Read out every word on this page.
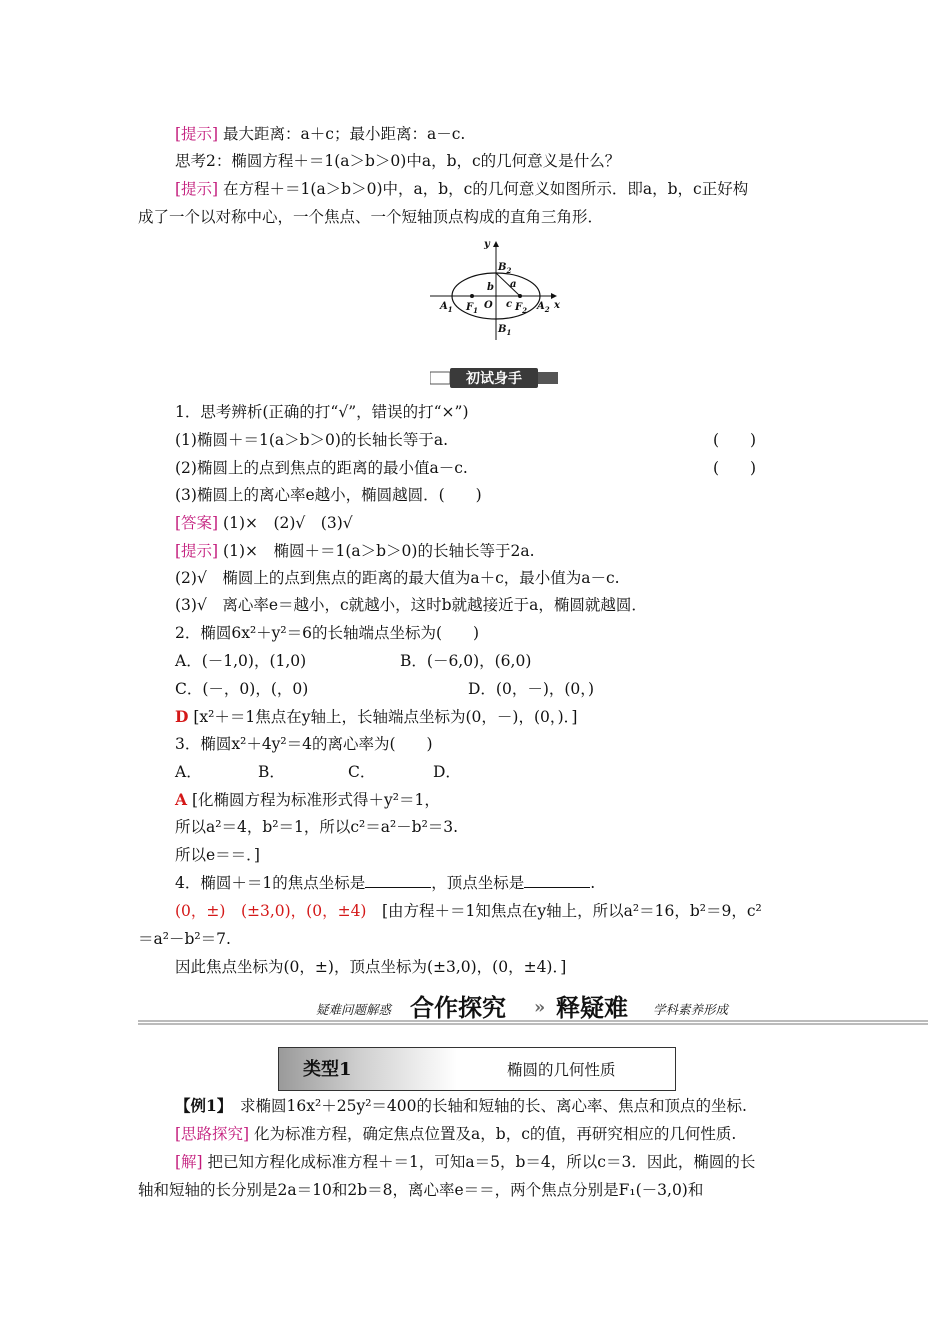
[提示] 最大距离：a＋c；最小距离：a－c.
思考2：椭圆方程＋＝1(a＞b＞0)中a，b，c的几何意义是什么？
[提示] 在方程＋＝1(a＞b＞0)中，a，b，c的几何意义如图所示．即a，b，c正好构
成了一个以对称中心，一个焦点、一个短轴顶点构成的直角三角形．
y
x
$B_2$
$B_1$
$A_1$	$A_2$
$F_1$	$F_2$
O
a
b
c
初试身手
1．思考辨析(正确的打“√”，错误的打“×”)
(1)椭圆＋＝1(a＞b＞0)的长轴长等于a.	(　　)
(2)椭圆上的点到焦点的距离的最小值a－c.	(　　)
(3)椭圆上的离心率e越小，椭圆越圆．(　　)
[答案] (1)×　(2)√　(3)√
[提示] (1)×　椭圆＋＝1(a＞b＞0)的长轴长等于2a.
(2)√　椭圆上的点到焦点的距离的最大值为a＋c，最小值为a－c.
(3)√　离心率e＝越小，c就越小，这时b就越接近于a，椭圆就越圆．
2．椭圆6x²＋y²＝6的长轴端点坐标为(　　)
A．(－1,0)，(1,0)	B．(－6,0)，(6,0)
C．(－，0)，(，0)	D．(0，－)，(0，)
D [x²＋＝1焦点在y轴上，长轴端点坐标为(0，－)，(0，)．]
3．椭圆x²＋4y²＝4的离心率为(　　)
A．	B．	C．	D．
A [化椭圆方程为标准形式得＋y²＝1，
所以a²＝4，b²＝1，所以c²＝a²－b²＝3.
所以e＝＝．]
4．椭圆＋＝1的焦点坐标是	，顶点坐标是	.
(0，±)　(±3,0)，(0，±4)　[由方程＋＝1知焦点在y轴上，所以a²＝16，b²＝9，c²
＝a²－b²＝7.
因此焦点坐标为(0，±)，顶点坐标为(±3,0)，(0，±4)．]
疑难问题解惑 合作探究 » 释疑难 学科素养形成
类型1	椭圆的几何性质
【例1】　求椭圆16x²＋25y²＝400的长轴和短轴的长、离心率、焦点和顶点的坐标.
[思路探究] 化为标准方程，确定焦点位置及a，b，c的值，再研究相应的几何性质.
[解] 把已知方程化成标准方程＋＝1，可知a＝5，b＝4，所以c＝3．因此，椭圆的长
轴和短轴的长分别是2a＝10和2b＝8，离心率e＝＝，两个焦点分别是F₁(－3,0)和
